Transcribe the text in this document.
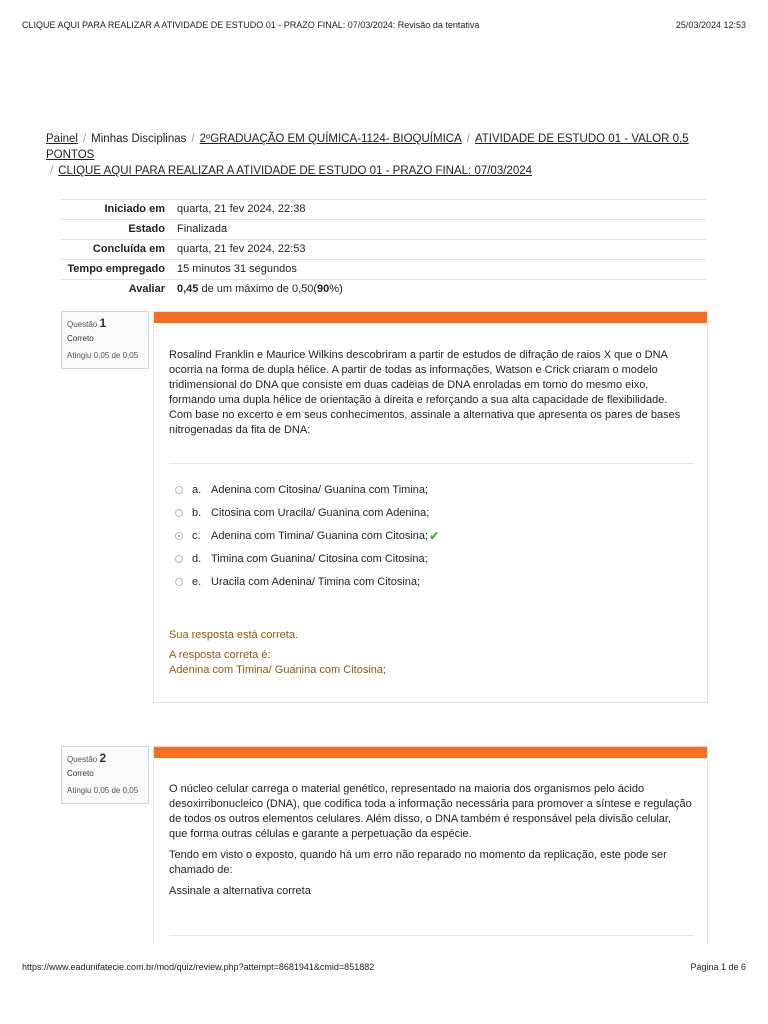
CLIQUE AQUI PARA REALIZAR A ATIVIDADE DE ESTUDO 01 - PRAZO FINAL: 07/03/2024: Revisão da tentativa	25/03/2024 12:53
Painel / Minhas Disciplinas / 2ºGRADUAÇÃO EM QUÍMICA-1124- BIOQUÍMICA / ATIVIDADE DE ESTUDO 01 - VALOR 0,5 PONTOS
/ CLIQUE AQUI PARA REALIZAR A ATIVIDADE DE ESTUDO 01 - PRAZO FINAL: 07/03/2024
Iniciado em	quarta, 21 fev 2024, 22:38
Estado	Finalizada
Concluída em	quarta, 21 fev 2024, 22:53
Tempo empregado	15 minutos 31 segundos
Avaliar	0,45 de um máximo de 0,50(90%)
Questão 1
Correto
Atingiu 0,05 de 0,05	Rosalind Franklin e Maurice Wilkins descobriram a partir de estudos de difração de raios X que o DNA ocorria na forma de dupla hélice. A partir de todas as informações, Watson e Crick criaram o modelo tridimensional do DNA que consiste em duas cadeias de DNA enroladas em torno do mesmo eixo, formando uma dupla hélice de orientação à direita e reforçando a sua alta capacidade de flexibilidade. Com base no excerto e em seus conhecimentos, assinale a alternativa que apresenta os pares de bases nitrogenadas da fita de DNA:

a. Adenina com Citosina/ Guanina com Timina;
b. Citosina com Uracila/ Guanina com Adenina;
c. Adenina com Timina/ Guanina com Citosina; ✔
d. Timina com Guanina/ Citosina com Citosina;
e. Uracila com Adenina/ Timina com Citosina;

Sua resposta está correta.

A resposta correta é:

Adenina com Timina/ Guanina com Citosina;

Questão 2
Correto
Atingiu 0,05 de 0,05	O núcleo celular carrega o material genético, representado na maioria dos organismos pelo ácido desoxirribonucleico (DNA), que codifica toda a informação necessária para promover a síntese e regulação de todos os outros elementos celulares. Além disso, o DNA também é responsável pela divisão celular, que forma outras células e garante a perpetuação da espécie.

Tendo em visto o exposto, quando há um erro não reparado no momento da replicação, este pode ser chamado de:

Assinale a alternativa correta

https://www.eadunifatecie.com.br/mod/quiz/review.php?attempt=8681941&cmid=851882	Página 1 de 6
